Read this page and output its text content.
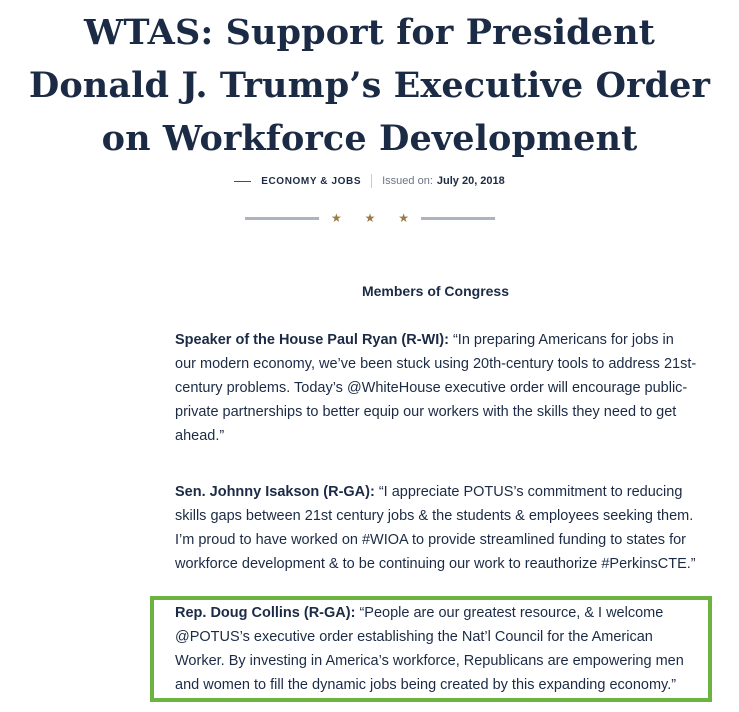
WTAS: Support for President
Donald J. Trump’s Executive Order
on Workforce Development
ECONOMY & JOBS Issued on: July 20, 2018
★ ★ ★
Members of Congress

Speaker of the House Paul Ryan (R-WI): “In preparing Americans for jobs in our modern economy, we’ve been stuck using 20th-century tools to address 21st-century problems. Today’s @WhiteHouse executive order will encourage public-private partnerships to better equip our workers with the skills they need to get ahead.”

Sen. Johnny Isakson (R-GA): “I appreciate POTUS’s commitment to reducing skills gaps between 21st century jobs & the students & employees seeking them. I’m proud to have worked on #WIOA to provide streamlined funding to states for workforce development & to be continuing our work to reauthorize #PerkinsCTE.”

Rep. Doug Collins (R-GA): “People are our greatest resource, & I welcome @POTUS’s executive order establishing the Nat’l Council for the American Worker. By investing in America’s workforce, Republicans are empowering men and women to fill the dynamic jobs being created by this expanding economy.”
